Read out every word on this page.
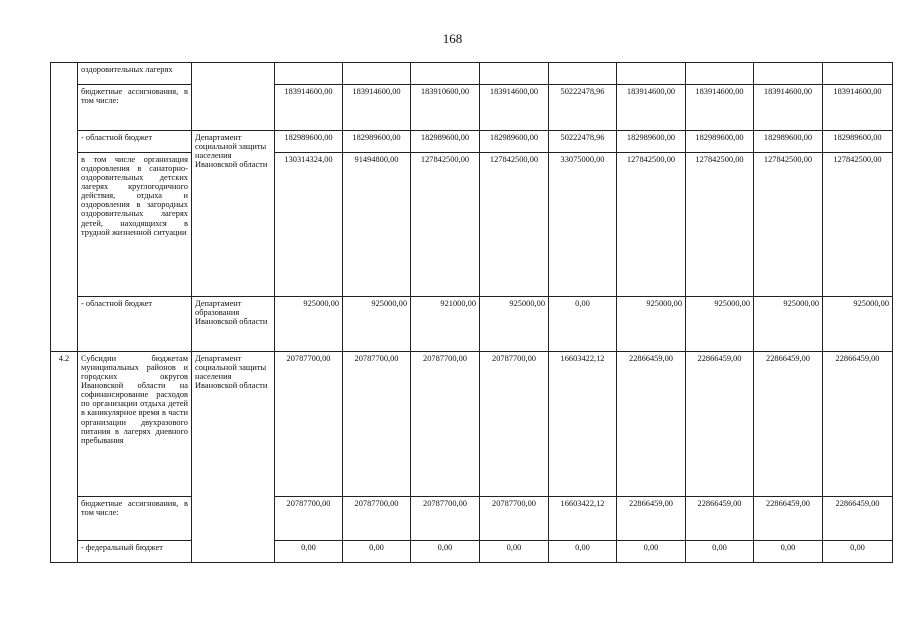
168
	оздоровительных лагерях										
	бюджетные ассигнования, в том числе:		183914600,00	183914600,00	183910600,00	183914600,00	50222478,96	183914600,00	183914600,00	183914600,00	183914600,00
	- областной бюджет	Департамент социальной защиты населения Ивановской области	182989600,00	182989600,00	182989600,00	182989600,00	50222478,96	182989600,00	182989600,00	182989600,00	182989600,00
	в том числе организация оздоровления в санаторно-оздоровительных детских лагерях круглогодичного действия, отдыха и оздоровления в загородных оздоровительных лагерях детей, находящихся в трудной жизненной ситуации		130314324,00	91494800,00	127842500,00	127842500,00	33075000,00	127842500,00	127842500,00	127842500,00	127842500,00
	- областной бюджет	Департамент образования Ивановской области	925000,00	925000,00	921000,00	925000,00	0,00	925000,00	925000,00	925000,00	925000,00
4.2	Субсидии бюджетам муниципальных районов и городских округов Ивановской области на софинансирование расходов по организации отдыха детей в каникулярное время в части организации двухразового питания в лагерях дневного пребывания	Департамент социальной защиты населения Ивановской области	20787700,00	20787700,00	20787700,00	20787700,00	16603422,12	22866459,00	22866459,00	22866459,00	22866459,00
	бюджетные ассигнования, в том числе:		20787700,00	20787700,00	20787700,00	20787700,00	16603422,12	22866459,00	22866459,00	22866459,00	22866459,00
	- федеральный бюджет		0,00	0,00	0,00	0,00	0,00	0,00	0,00	0,00	0,00
